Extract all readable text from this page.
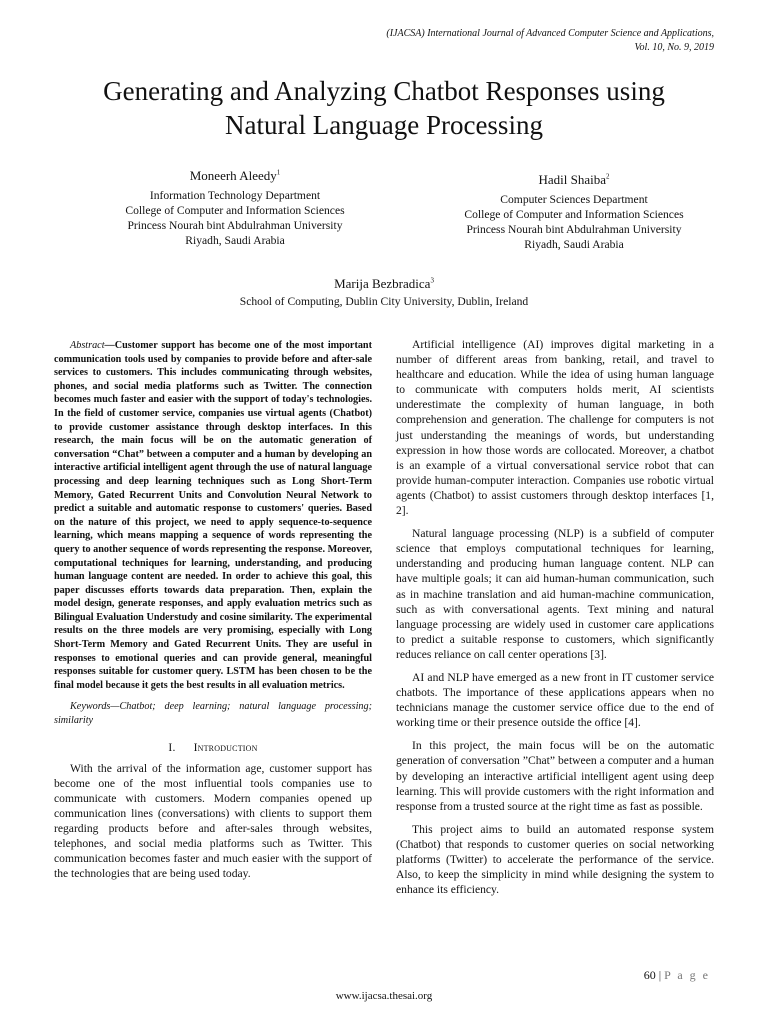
(IJACSA) International Journal of Advanced Computer Science and Applications,
Vol. 10, No. 9, 2019
Generating and Analyzing Chatbot Responses using
Natural Language Processing
Moneerh Aleedy$^1$
Information Technology Department
College of Computer and Information Sciences
Princess Nourah bint Abdulrahman University
Riyadh, Saudi Arabia
Hadil Shaiba$^2$
Computer Sciences Department
College of Computer and Information Sciences
Princess Nourah bint Abdulrahman University
Riyadh, Saudi Arabia
Marija Bezbradica$^3$
School of Computing, Dublin City University, Dublin, Ireland

Abstract—Customer support has become one of the most important communication tools used by companies to provide before and after-sale services to customers. This includes communicating through websites, phones, and social media platforms such as Twitter. The connection becomes much faster and easier with the support of today's technologies. In the field of customer service, companies use virtual agents (Chatbot) to provide customer assistance through desktop interfaces. In this research, the main focus will be on the automatic generation of conversation “Chat” between a computer and a human by developing an interactive artificial intelligent agent through the use of natural language processing and deep learning techniques such as Long Short-Term Memory, Gated Recurrent Units and Convolution Neural Network to predict a suitable and automatic response to customers' queries. Based on the nature of this project, we need to apply sequence-to-sequence learning, which means mapping a sequence of words representing the query to another sequence of words representing the response. Moreover, computational techniques for learning, understanding, and producing human language content are needed. In order to achieve this goal, this paper discusses efforts towards data preparation. Then, explain the model design, generate responses, and apply evaluation metrics such as Bilingual Evaluation Understudy and cosine similarity. The experimental results on the three models are very promising, especially with Long Short-Term Memory and Gated Recurrent Units. They are useful in responses to emotional queries and can provide general, meaningful responses suitable for customer query. LSTM has been chosen to be the final model because it gets the best results in all evaluation metrics.

Keywords—Chatbot; deep learning; natural language processing; similarity

I. Introduction

With the arrival of the information age, customer support has become one of the most influential tools companies use to communicate with customers. Modern companies opened up communication lines (conversations) with clients to support them regarding products before and after-sales through websites, telephones, and social media platforms such as Twitter. This communication becomes faster and much easier with the support of the technologies that are being used today.

Artificial intelligence (AI) improves digital marketing in a number of different areas from banking, retail, and travel to healthcare and education. While the idea of using human language to communicate with computers holds merit, AI scientists underestimate the complexity of human language, in both comprehension and generation. The challenge for computers is not just understanding the meanings of words, but understanding expression in how those words are collocated. Moreover, a chatbot is an example of a virtual conversational service robot that can provide human-computer interaction. Companies use robotic virtual agents (Chatbot) to assist customers through desktop interfaces [1, 2].

Natural language processing (NLP) is a subfield of computer science that employs computational techniques for learning, understanding and producing human language content. NLP can have multiple goals; it can aid human-human communication, such as in machine translation and aid human-machine communication, such as with conversational agents. Text mining and natural language processing are widely used in customer care applications to predict a suitable response to customers, which significantly reduces reliance on call center operations [3].

AI and NLP have emerged as a new front in IT customer service chatbots. The importance of these applications appears when no technicians manage the customer service office due to the end of working time or their presence outside the office [4].

In this project, the main focus will be on the automatic generation of conversation ”Chat” between a computer and a human by developing an interactive artificial intelligent agent using deep learning. This will provide customers with the right information and response from a trusted source at the right time as fast as possible.

This project aims to build an automated response system (Chatbot) that responds to customer queries on social networking platforms (Twitter) to accelerate the performance of the service. Also, to keep the simplicity in mind while designing the system to enhance its efficiency.

60 | P a g e
www.ijacsa.thesai.org
